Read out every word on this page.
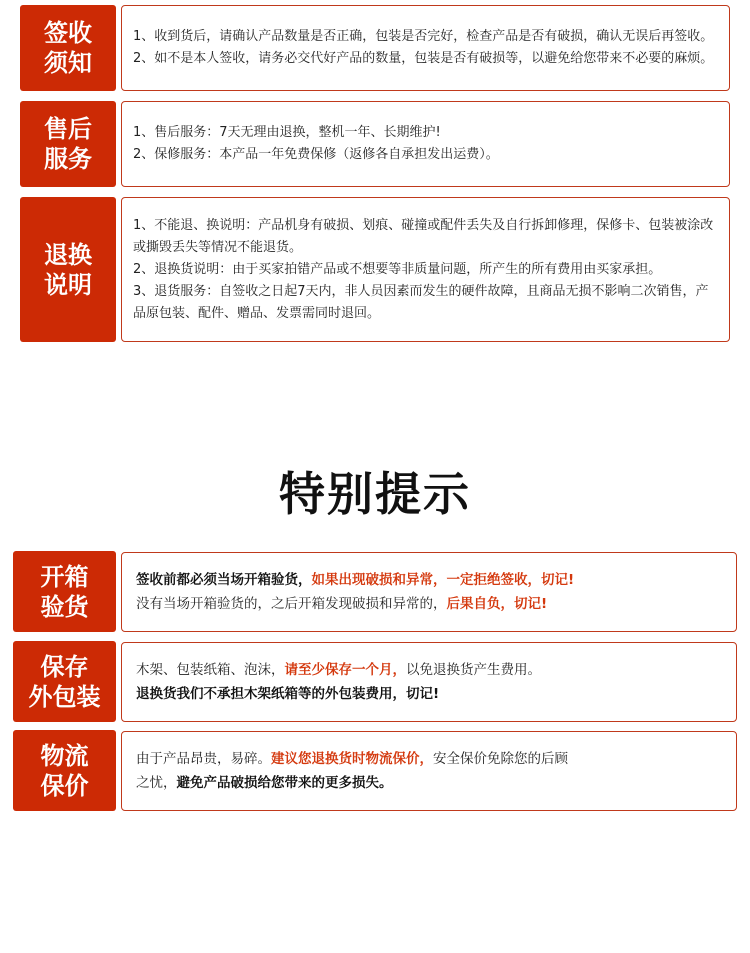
签收
须知
1、收到货后，请确认产品数量是否正确，包装是否完好，检查产品是否有破损，确认无误后再签收。
2、如不是本人签收，请务必交代好产品的数量，包装是否有破损等，以避免给您带来不必要的麻烦。
售后
服务
1、售后服务：7天无理由退换，整机一年、长期维护!
2、保修服务：本产品一年免费保修（返修各自承担发出运费）。
退换
说明
1、不能退、换说明：产品机身有破损、划痕、碰撞或配件丢失及自行拆卸修理，保修卡、包装被涂改或撕毁丢失等情况不能退货。
2、退换货说明：由于买家拍错产品或不想要等非质量问题，所产生的所有费用由买家承担。
3、退货服务：自签收之日起7天内，非人员因素而发生的硬件故障，且商品无损不影响二次销售，产品原包装、配件、赠品、发票需同时退回。
特别提示
开箱
验货
签收前都必须当场开箱验货，如果出现破损和异常，一定拒绝签收，切记!
没有当场开箱验货的，之后开箱发现破损和异常的，后果自负，切记!
保存
外包装
木架、包装纸箱、泡沫，请至少保存一个月，以免退换货产生费用。
退换货我们不承担木架纸箱等的外包装费用，切记!
物流
保价
由于产品昂贵，易碎。建议您退换货时物流保价，安全保价免除您的后顾
之忧，避免产品破损给您带来的更多损失。
